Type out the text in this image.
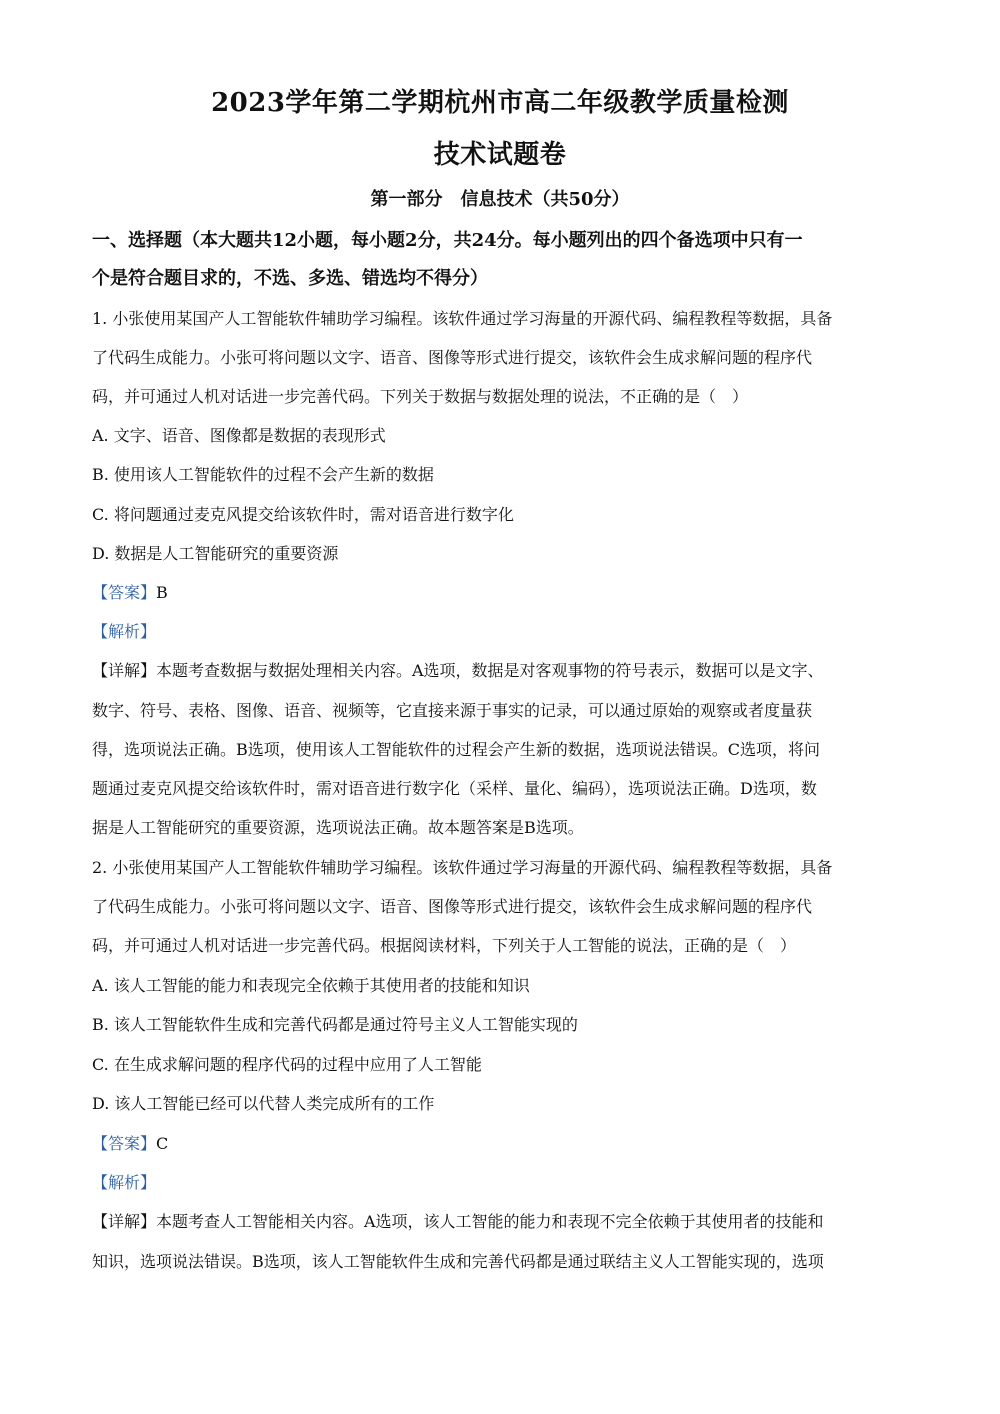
2023学年第二学期杭州市高二年级教学质量检测
技术试题卷
第一部分　信息技术（共50分）
一、选择题（本大题共12小题，每小题2分，共24分。每小题列出的四个备选项中只有一
个是符合题目求的，不选、多选、错选均不得分）
1. 小张使用某国产人工智能软件辅助学习编程。该软件通过学习海量的开源代码、编程教程等数据，具备
了代码生成能力。小张可将问题以文字、语音、图像等形式进行提交，该软件会生成求解问题的程序代
码，并可通过人机对话进一步完善代码。下列关于数据与数据处理的说法，不正确的是（　）
A. 文字、语音、图像都是数据的表现形式
B. 使用该人工智能软件的过程不会产生新的数据
C. 将问题通过麦克风提交给该软件时，需对语音进行数字化
D. 数据是人工智能研究的重要资源
【答案】B
【解析】
【详解】本题考查数据与数据处理相关内容。A选项，数据是对客观事物的符号表示，数据可以是文字、
数字、符号、表格、图像、语音、视频等，它直接来源于事实的记录，可以通过原始的观察或者度量获
得，选项说法正确。B选项，使用该人工智能软件的过程会产生新的数据，选项说法错误。C选项，将问
题通过麦克风提交给该软件时，需对语音进行数字化（采样、量化、编码），选项说法正确。D选项，数
据是人工智能研究的重要资源，选项说法正确。故本题答案是B选项。
2. 小张使用某国产人工智能软件辅助学习编程。该软件通过学习海量的开源代码、编程教程等数据，具备
了代码生成能力。小张可将问题以文字、语音、图像等形式进行提交，该软件会生成求解问题的程序代
码，并可通过人机对话进一步完善代码。根据阅读材料，下列关于人工智能的说法，正确的是（　）
A. 该人工智能的能力和表现完全依赖于其使用者的技能和知识
B. 该人工智能软件生成和完善代码都是通过符号主义人工智能实现的
C. 在生成求解问题的程序代码的过程中应用了人工智能
D. 该人工智能已经可以代替人类完成所有的工作
【答案】C
【解析】
【详解】本题考查人工智能相关内容。A选项，该人工智能的能力和表现不完全依赖于其使用者的技能和
知识，选项说法错误。B选项，该人工智能软件生成和完善代码都是通过联结主义人工智能实现的，选项
